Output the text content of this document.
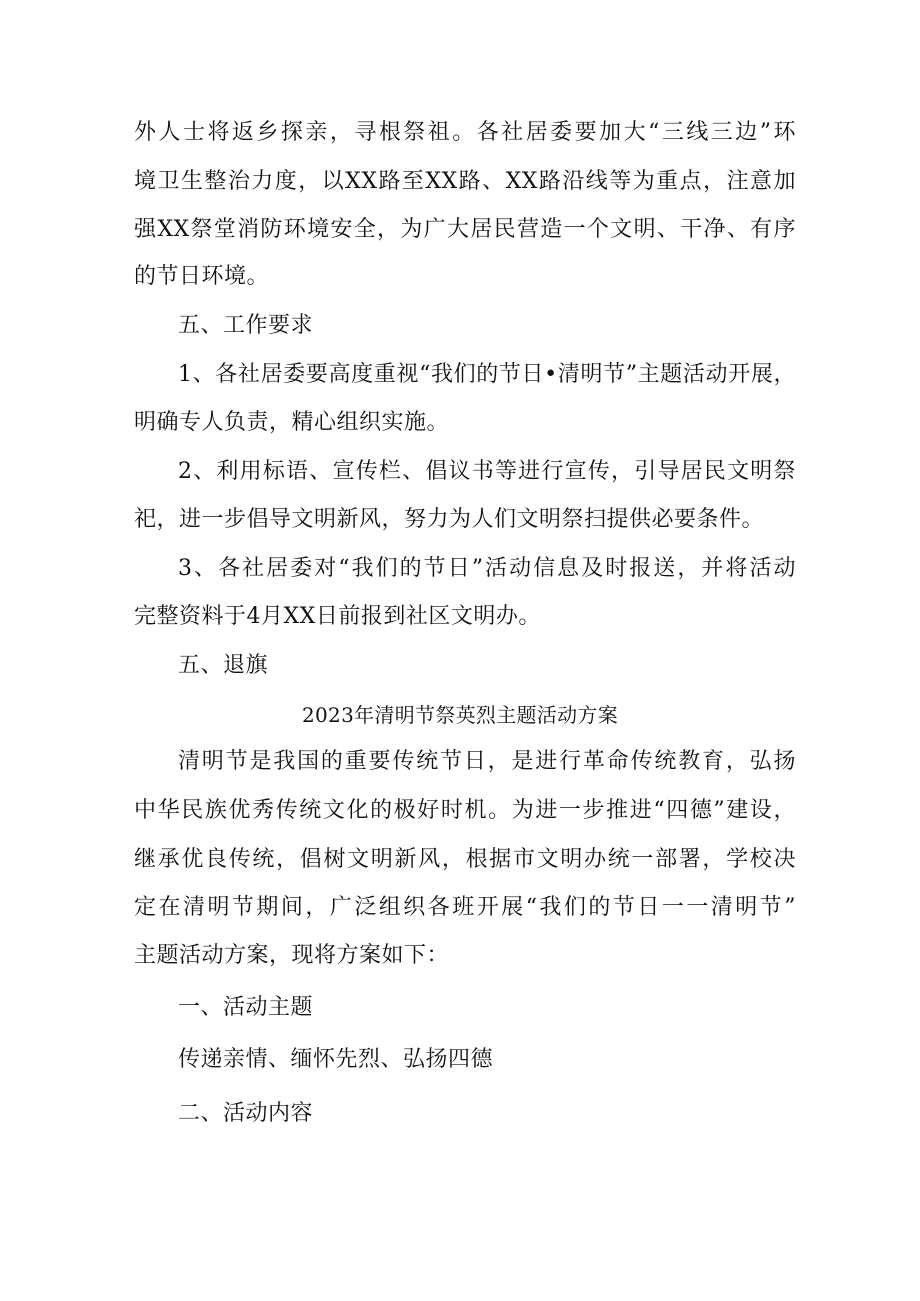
外人士将返乡探亲，寻根祭祖。各社居委要加大“三线三边”环
境卫生整治力度，以XX路至XX路、XX路沿线等为重点，注意加
强XX祭堂消防环境安全，为广大居民营造一个文明、干净、有序
的节日环境。
五、工作要求
1、各社居委要高度重视“我们的节日•清明节”主题活动开展，
明确专人负责，精心组织实施。
2、利用标语、宣传栏、倡议书等进行宣传，引导居民文明祭
祀，进一步倡导文明新风，努力为人们文明祭扫提供必要条件。
3、各社居委对“我们的节日”活动信息及时报送，并将活动
完整资料于4月XX日前报到社区文明办。
五、退旗
2023年清明节祭英烈主题活动方案
清明节是我国的重要传统节日，是进行革命传统教育，弘扬
中华民族优秀传统文化的极好时机。为进一步推进“四德”建设，
继承优良传统，倡树文明新风，根据市文明办统一部署，学校决
定在清明节期间，广泛组织各班开展“我们的节日一一清明节”
主题活动方案，现将方案如下：
一、活动主题
传递亲情、缅怀先烈、弘扬四德
二、活动内容
